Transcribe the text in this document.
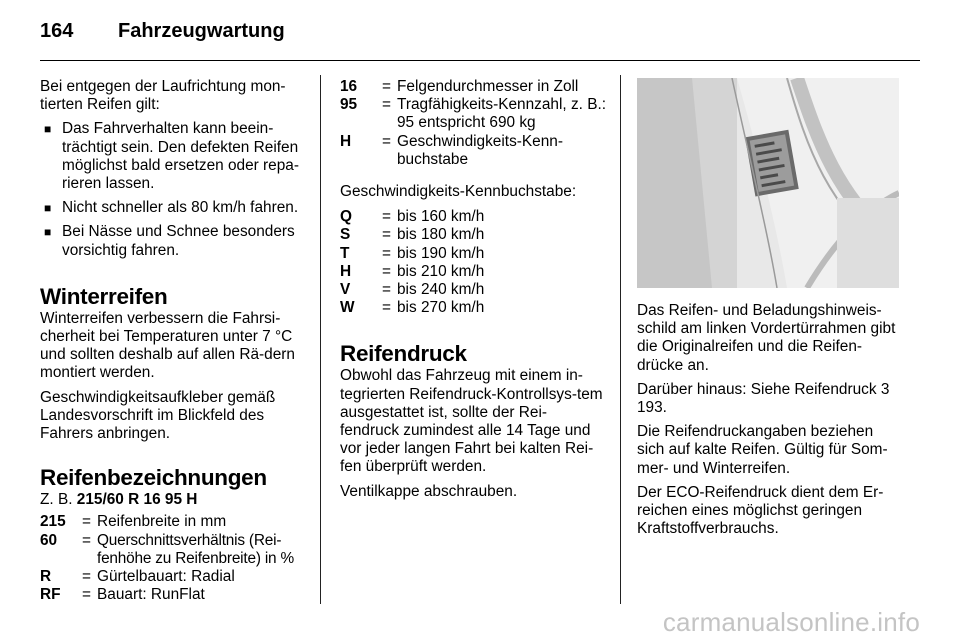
164 Fahrzeugwartung

Bei entgegen der Laufrichtung mon-tierten Reifen gilt:

■ Das Fahrverhalten kann beein-trächtigt sein. Den defekten Reifen möglichst bald ersetzen oder repa-rieren lassen.
■ Nicht schneller als 80 km/h fahren.
■ Bei Nässe und Schnee besonders vorsichtig fahren.
Winterreifen

Winterreifen verbessern die Fahrsi-cherheit bei Temperaturen unter 7 °C und sollten deshalb auf allen Rä-dern montiert werden.

Geschwindigkeitsaufkleber gemäß Landesvorschrift im Blickfeld des Fahrers anbringen.

Reifenbezeichnungen

Z. B. 215/60 R 16 95 H

215	= Reifenbreite in mm
60	= Querschnittsverhältnis (Rei-fenhöhe zu Reifenbreite) in %
R	= Gürtelbauart: Radial
RF	= Bauart: RunFlat
16	= Felgendurchmesser in Zoll
95	= Tragfähigkeits-Kennzahl, z. B.: 95 entspricht 690 kg
H	= Geschwindigkeits-Kenn-buchstabe

Geschwindigkeits-Kennbuchstabe:

Q	= bis 160 km/h
S	= bis 180 km/h
T	= bis 190 km/h
H	= bis 210 km/h
V	= bis 240 km/h
W	= bis 270 km/h
Reifendruck

Obwohl das Fahrzeug mit einem in-tegrierten Reifendruck-Kontrollsys-tem ausgestattet ist, sollte der Rei-fendruck zumindest alle 14 Tage und vor jeder langen Fahrt bei kalten Rei-fen überprüft werden.

Ventilkappe abschrauben.

Das Reifen- und Beladungshinweis-schild am linken Vordertürrahmen gibt die Originalreifen und die Reifen-drücke an.

Darüber hinaus: Siehe Reifendruck 3 193.

Die Reifendruckangaben beziehen sich auf kalte Reifen. Gültig für Som-mer- und Winterreifen.

Der ECO-Reifendruck dient dem Er-reichen eines möglichst geringen Kraftstoffverbrauchs.

carmanualsonline.info
